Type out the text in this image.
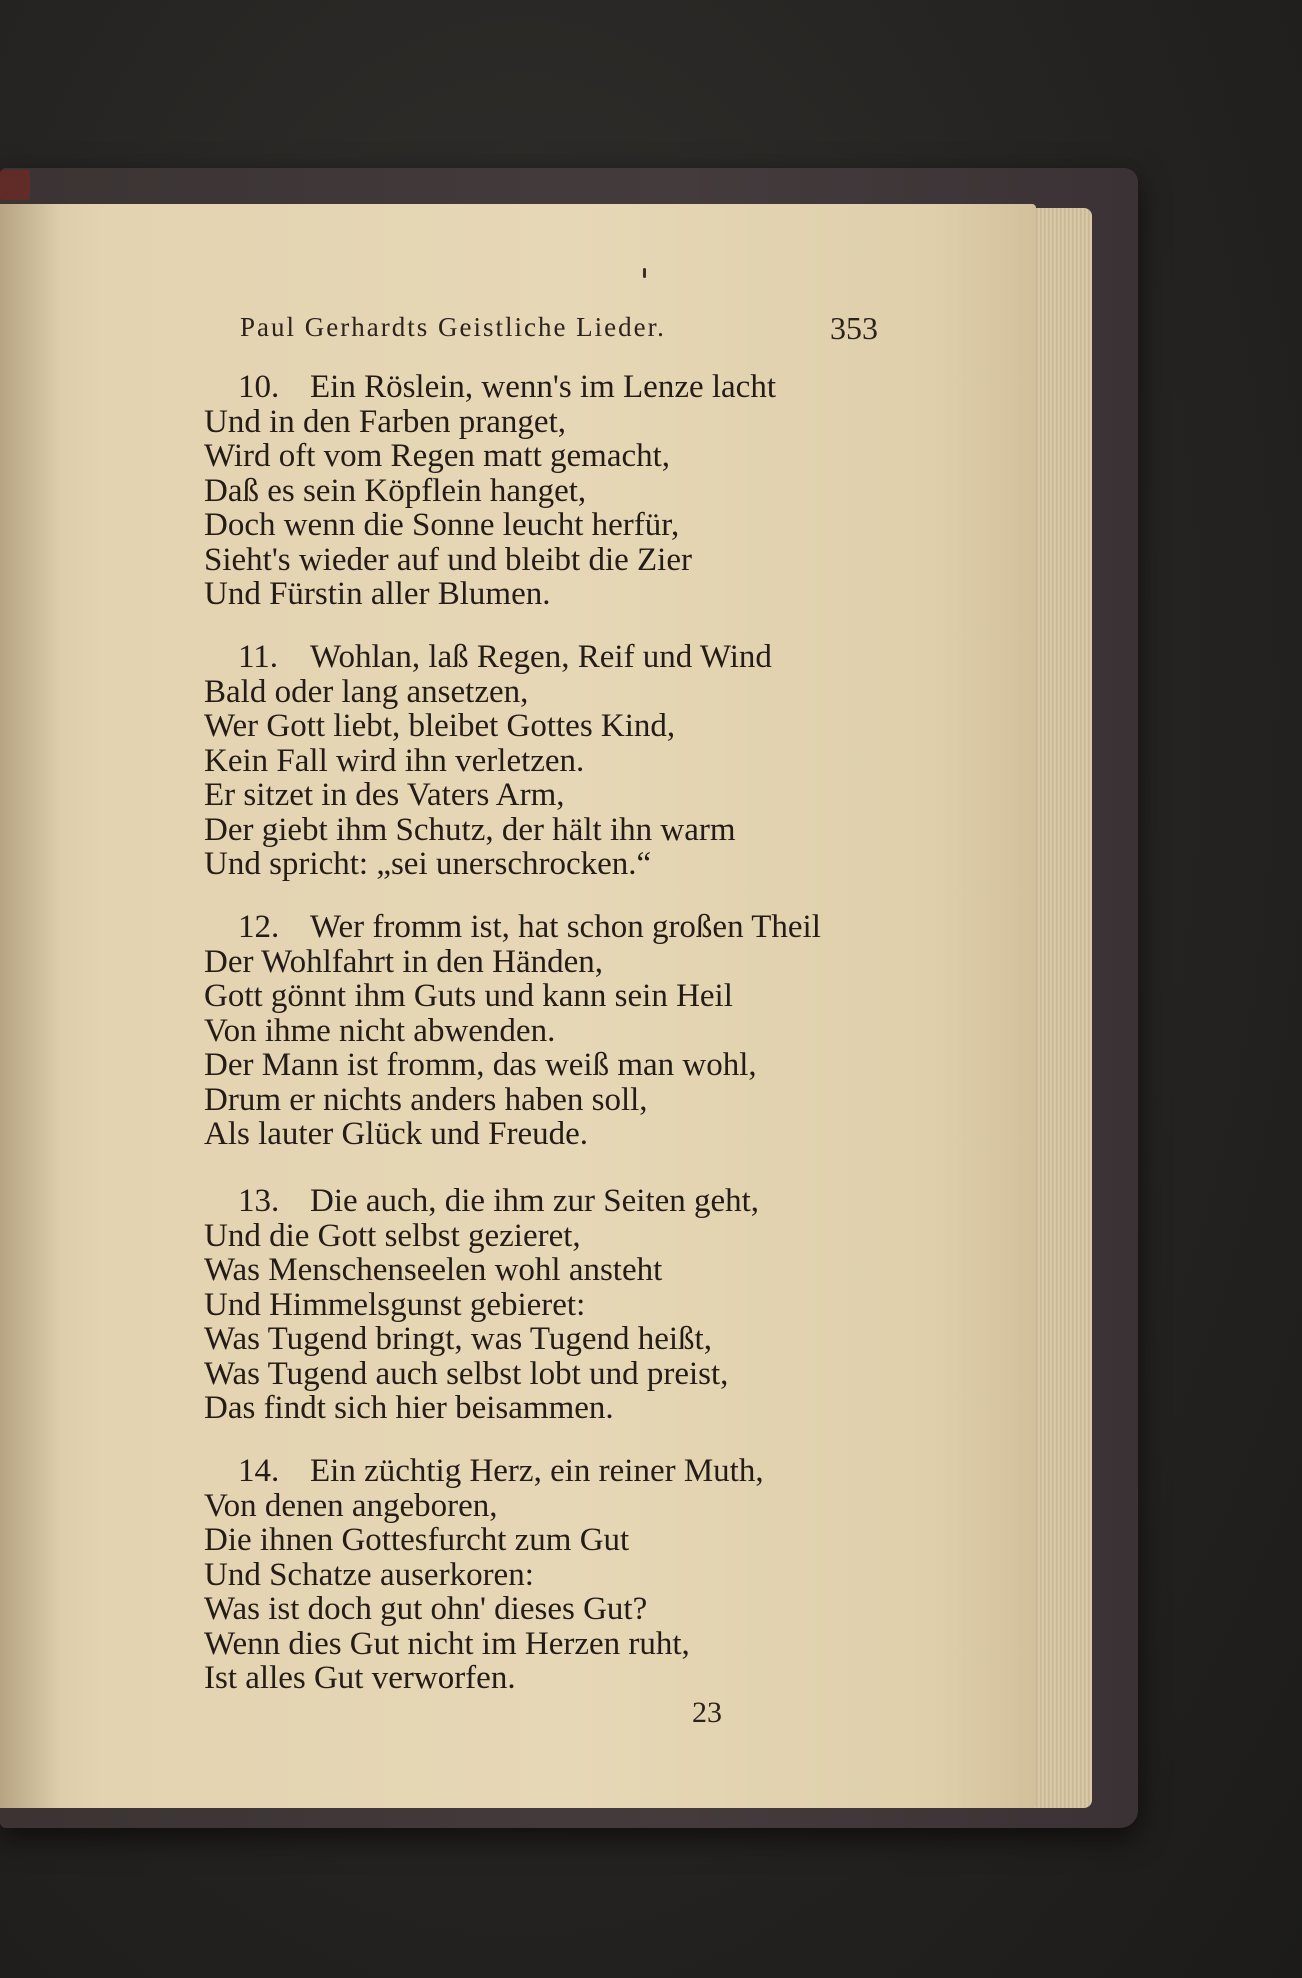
Paul Gerhardts Geistliche Lieder.	353
10. Ein Röslein, wenn's im Lenze lacht
Und in den Farben pranget,
Wird oft vom Regen matt gemacht,
Daß es sein Köpflein hanget,
Doch wenn die Sonne leucht herfür,
Sieht's wieder auf und bleibt die Zier
Und Fürstin aller Blumen.
11. Wohlan, laß Regen, Reif und Wind
Bald oder lang ansetzen,
Wer Gott liebt, bleibet Gottes Kind,
Kein Fall wird ihn verletzen.
Er sitzet in des Vaters Arm,
Der giebt ihm Schutz, der hält ihn warm
Und spricht: „sei unerschrocken.“
12. Wer fromm ist, hat schon großen Theil
Der Wohlfahrt in den Händen,
Gott gönnt ihm Guts und kann sein Heil
Von ihme nicht abwenden.
Der Mann ist fromm, das weiß man wohl,
Drum er nichts anders haben soll,
Als lauter Glück und Freude.
13. Die auch, die ihm zur Seiten geht,
Und die Gott selbst gezieret,
Was Menschenseelen wohl ansteht
Und Himmelsgunst gebieret:
Was Tugend bringt, was Tugend heißt,
Was Tugend auch selbst lobt und preist,
Das findt sich hier beisammen.
14. Ein züchtig Herz, ein reiner Muth,
Von denen angeboren,
Die ihnen Gottesfurcht zum Gut
Und Schatze auserkoren:
Was ist doch gut ohn' dieses Gut?
Wenn dies Gut nicht im Herzen ruht,
Ist alles Gut verworfen.
23
